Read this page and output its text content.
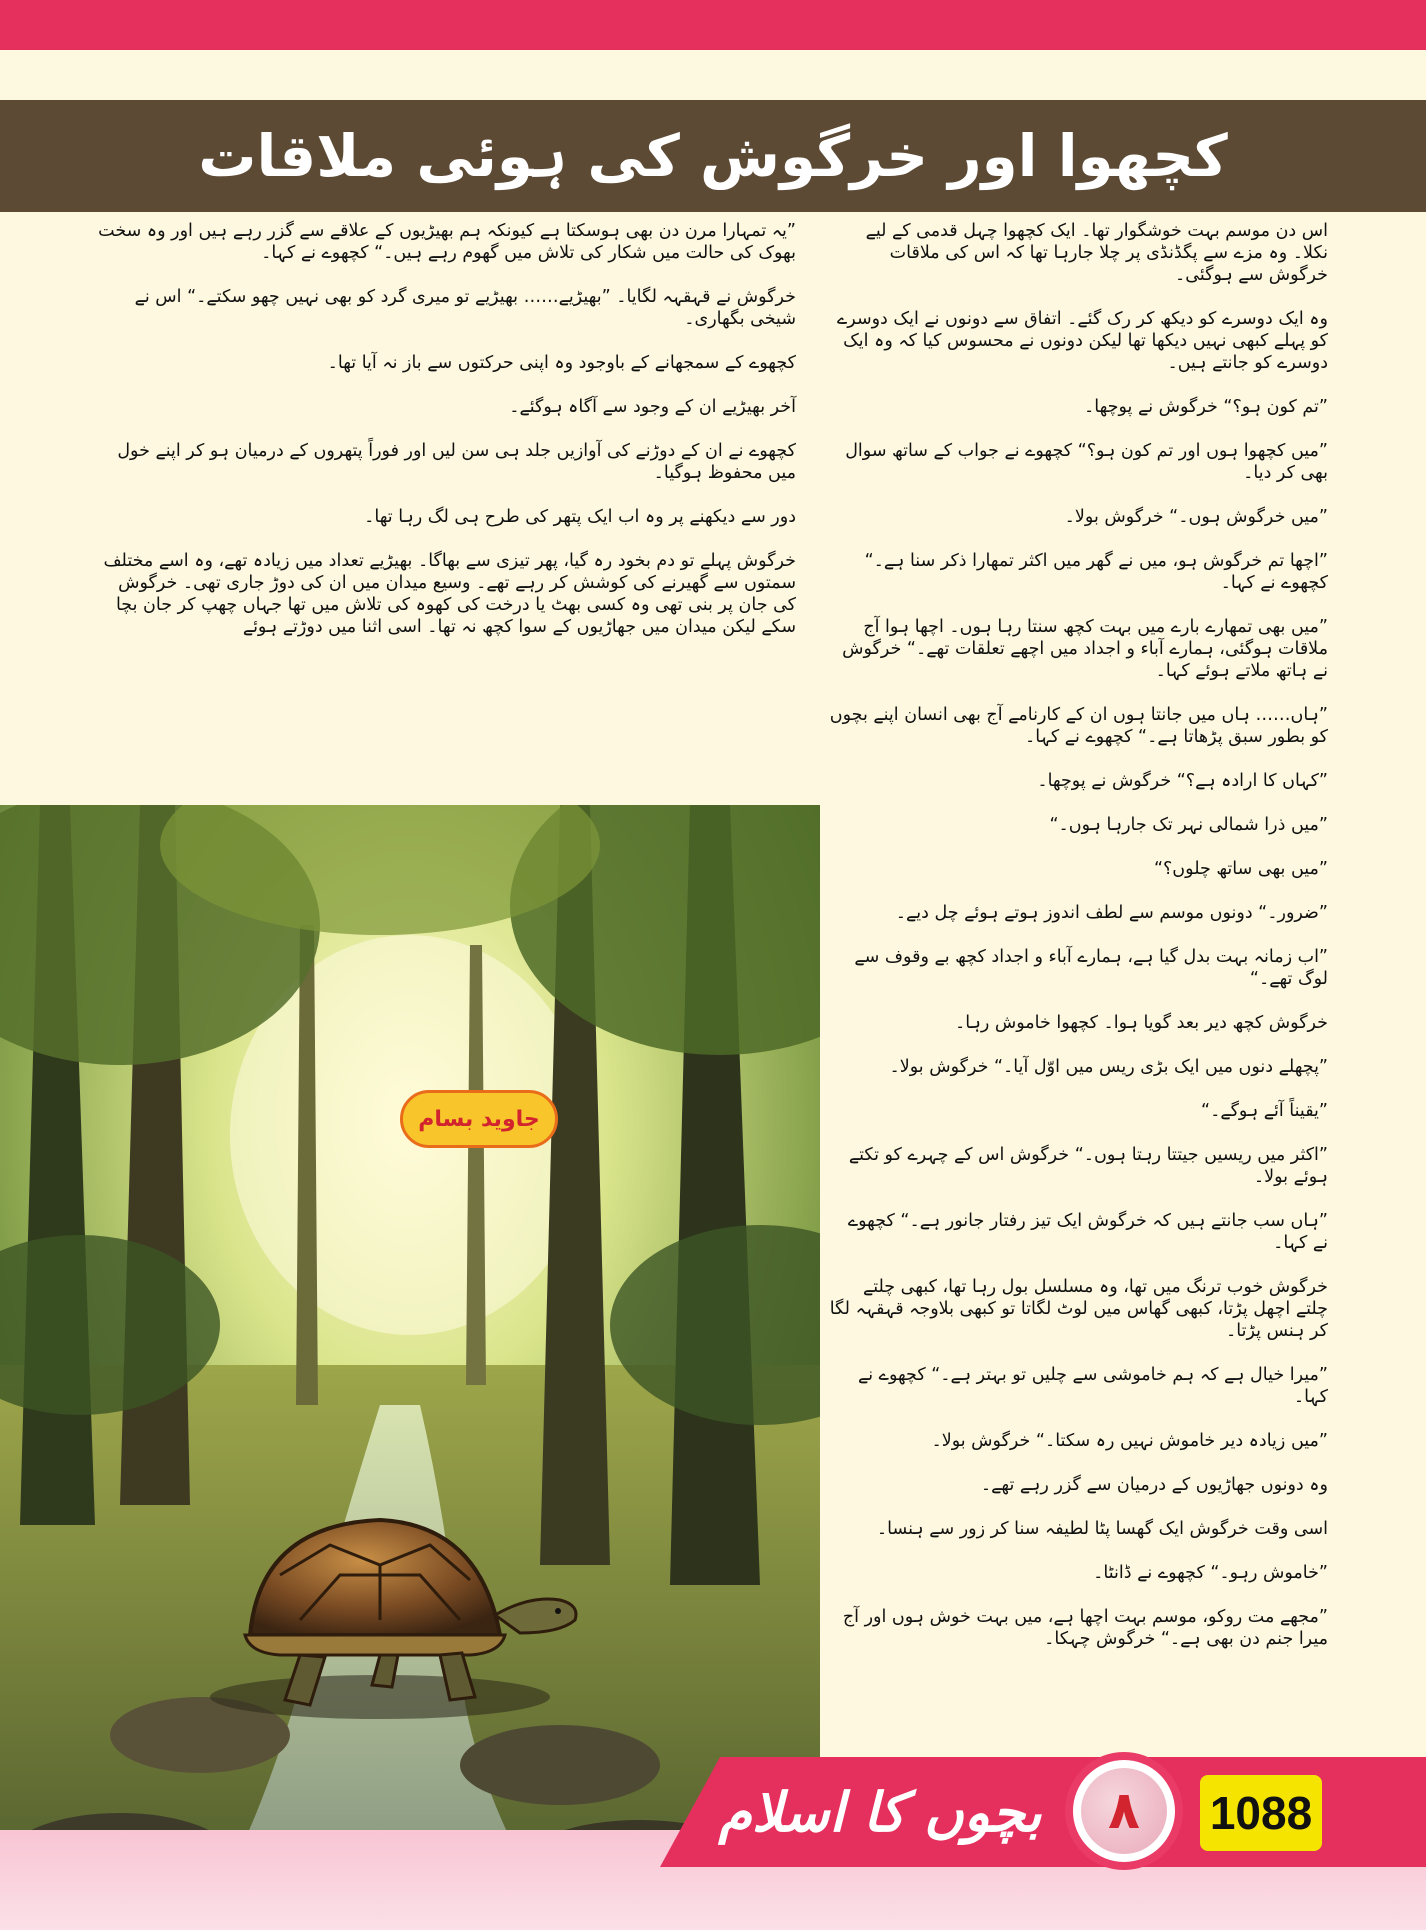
کچھوا اور خرگوش کی ہوئی ملاقات

اس دن موسم بہت خوشگوار تھا۔ ایک کچھوا چہل قدمی کے لیے نکلا۔ وہ مزے سے پگڈنڈی پر چلا جارہا تھا کہ اس کی ملاقات خرگوش سے ہوگئی۔

وہ ایک دوسرے کو دیکھ کر رک گئے۔ اتفاق سے دونوں نے ایک دوسرے کو پہلے کبھی نہیں دیکھا تھا لیکن دونوں نے محسوس کیا کہ وہ ایک دوسرے کو جانتے ہیں۔

”تم کون ہو؟“ خرگوش نے پوچھا۔

”میں کچھوا ہوں اور تم کون ہو؟“ کچھوے نے جواب کے ساتھ سوال بھی کر دیا۔

”میں خرگوش ہوں۔“ خرگوش بولا۔

”اچھا تم خرگوش ہو، میں نے گھر میں اکثر تمھارا ذکر سنا ہے۔“ کچھوے نے کہا۔

”میں بھی تمھارے بارے میں بہت کچھ سنتا رہا ہوں۔ اچھا ہوا آج ملاقات ہوگئی، ہمارے آباء و اجداد میں اچھے تعلقات تھے۔“ خرگوش نے ہاتھ ملاتے ہوئے کہا۔

”ہاں…… ہاں میں جانتا ہوں ان کے کارنامے آج بھی انسان اپنے بچوں کو بطور سبق پڑھاتا ہے۔“ کچھوے نے کہا۔

”کہاں کا ارادہ ہے؟“ خرگوش نے پوچھا۔

”میں ذرا شمالی نہر تک جارہا ہوں۔“

”میں بھی ساتھ چلوں؟“

”ضرور۔“ دونوں موسم سے لطف اندوز ہوتے ہوئے چل دیے۔

”اب زمانہ بہت بدل گیا ہے، ہمارے آباء و اجداد کچھ بے وقوف سے لوگ تھے۔“

خرگوش کچھ دیر بعد گویا ہوا۔ کچھوا خاموش رہا۔

”پچھلے دنوں میں ایک بڑی ریس میں اوّل آیا۔“ خرگوش بولا۔

”یقیناً آئے ہوگے۔“

”اکثر میں ریسیں جیتتا رہتا ہوں۔“ خرگوش اس کے چہرے کو تکتے ہوئے بولا۔

”ہاں سب جانتے ہیں کہ خرگوش ایک تیز رفتار جانور ہے۔“ کچھوے نے کہا۔

خرگوش خوب ترنگ میں تھا، وہ مسلسل بول رہا تھا، کبھی چلتے چلتے اچھل پڑتا، کبھی گھاس میں لوٹ لگاتا تو کبھی بلاوجہ قہقہہ لگا کر ہنس پڑتا۔

”میرا خیال ہے کہ ہم خاموشی سے چلیں تو بہتر ہے۔“ کچھوے نے کہا۔

”میں زیادہ دیر خاموش نہیں رہ سکتا۔“ خرگوش بولا۔

وہ دونوں جھاڑیوں کے درمیان سے گزر رہے تھے۔

اسی وقت خرگوش ایک گھسا پٹا لطیفہ سنا کر زور سے ہنسا۔

”خاموش رہو۔“ کچھوے نے ڈانٹا۔

”مجھے مت روکو، موسم بہت اچھا ہے، میں بہت خوش ہوں اور آج میرا جنم دن بھی ہے۔“ خرگوش چہکا۔

”یہ تمہارا مرن دن بھی ہوسکتا ہے کیونکہ ہم بھیڑیوں کے علاقے سے گزر رہے ہیں اور وہ سخت بھوک کی حالت میں شکار کی تلاش میں گھوم رہے ہیں۔“ کچھوے نے کہا۔

خرگوش نے قہقہہ لگایا۔ ”بھیڑیے…… بھیڑیے تو میری گرد کو بھی نہیں چھو سکتے۔“ اس نے شیخی بگھاری۔

کچھوے کے سمجھانے کے باوجود وہ اپنی حرکتوں سے باز نہ آیا تھا۔

آخر بھیڑیے ان کے وجود سے آگاہ ہوگئے۔

کچھوے نے ان کے دوڑنے کی آوازیں جلد ہی سن لیں اور فوراً پتھروں کے درمیان ہو کر اپنے خول میں محفوظ ہوگیا۔

دور سے دیکھنے پر وہ اب ایک پتھر کی طرح ہی لگ رہا تھا۔

خرگوش پہلے تو دم بخود رہ گیا، پھر تیزی سے بھاگا۔ بھیڑیے تعداد میں زیادہ تھے، وہ اسے مختلف سمتوں سے گھیرنے کی کوشش کر رہے تھے۔ وسیع میدان میں ان کی دوڑ جاری تھی۔ خرگوش کی جان پر بنی تھی وہ کسی بھٹ یا درخت کی کھوہ کی تلاش میں تھا جہاں چھپ کر جان بچا سکے لیکن میدان میں جھاڑیوں کے سوا کچھ نہ تھا۔ اسی اثنا میں دوڑتے ہوئے

جاوید بسام
بچوں کا اسلام	۸	1088
